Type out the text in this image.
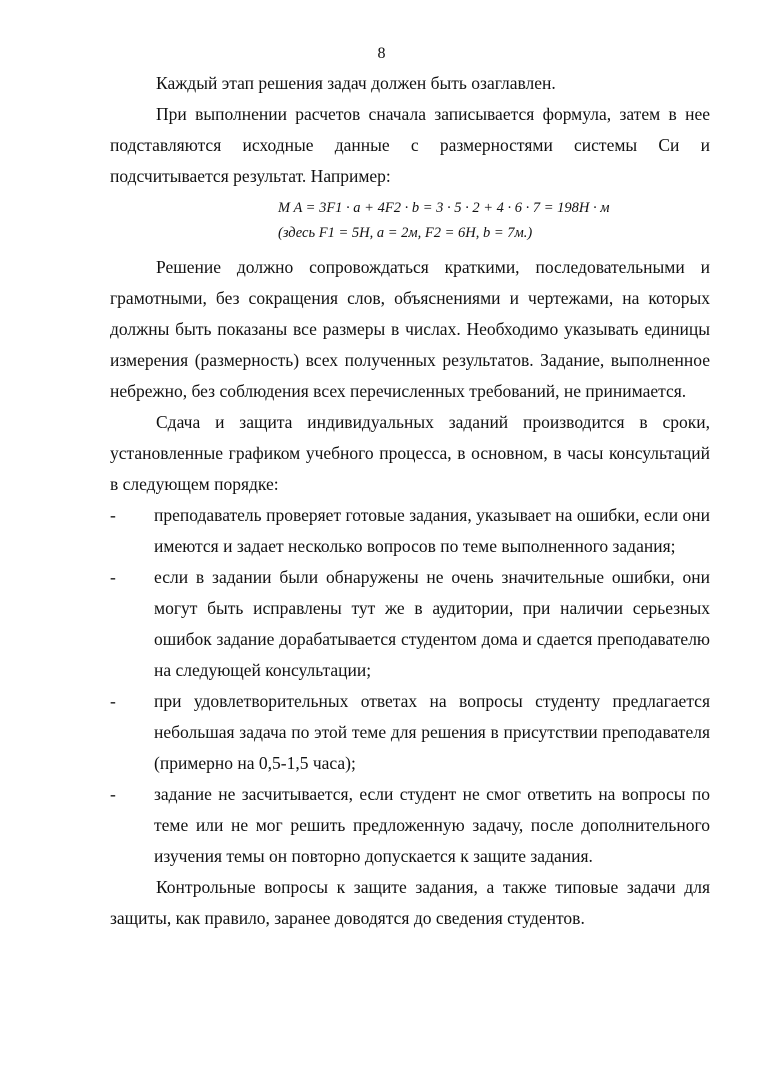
8

Каждый этап решения задач должен быть озаглавлен.

При выполнении расчетов сначала записывается формула, затем в нее подставляются исходные данные с размерностями системы Си и подсчитывается результат. Например:

M A = 3F1 · a + 4F2 · b = 3 · 5 · 2 + 4 · 6 · 7 = 198H · м
(здесь F1 = 5H, a = 2м, F2 = 6H, b = 7м.)

Решение должно сопровождаться краткими, последовательными и грамотными, без сокращения слов, объяснениями и чертежами, на которых должны быть показаны все размеры в числах. Необходимо указывать единицы измерения (размерность) всех полученных результатов. Задание, выполненное небрежно, без соблюдения всех перечисленных требований, не принимается.

Сдача и защита индивидуальных заданий производится в сроки, установленные графиком учебного процесса, в основном, в часы консультаций в следующем порядке:

- преподаватель проверяет готовые задания, указывает на ошибки, если они имеются и задает несколько вопросов по теме выполненного задания;
- если в задании были обнаружены не очень значительные ошибки, они могут быть исправлены тут же в аудитории, при наличии серьезных ошибок задание дорабатывается студентом дома и сдается преподавателю на следующей консультации;
- при удовлетворительных ответах на вопросы студенту предлагается небольшая задача по этой теме для решения в присутствии преподавателя (примерно на 0,5-1,5 часа);
- задание не засчитывается, если студент не смог ответить на вопросы по теме или не мог решить предложенную задачу, после дополнительного изучения темы он повторно допускается к защите задания.

Контрольные вопросы к защите задания, а также типовые задачи для защиты, как правило, заранее доводятся до сведения студентов.
